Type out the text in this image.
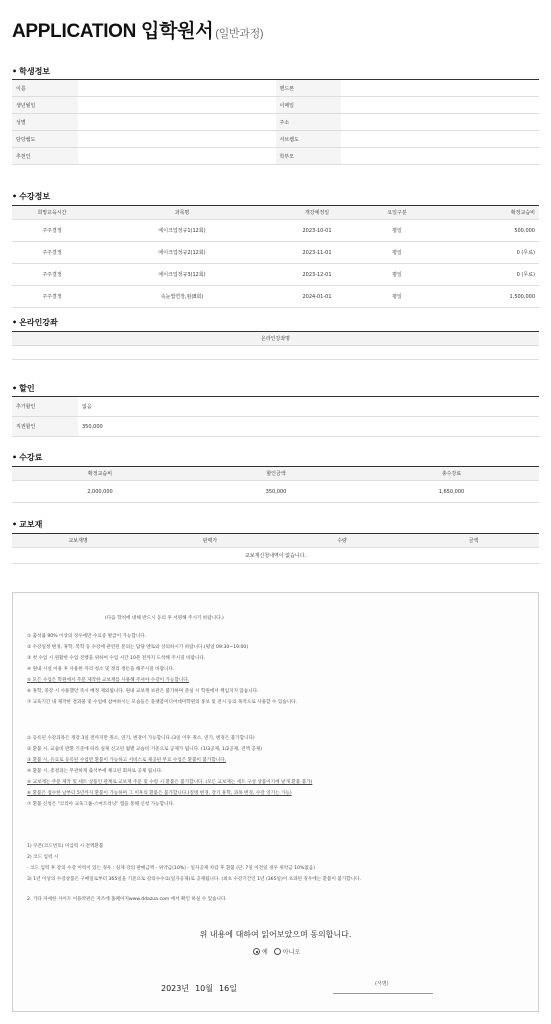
APPLICATION 입학원서 (일반과정)
• 학생정보
이름	핸드폰
생년월일	이메일
성별	주소
담당쌤도	서브쌤도
추천인	학부모
• 수강정보
희망교육시간	과목명	개강예정일	요일구분	확정교습비
주주결정	에이크업정규1(12회)	2023-10-01	평일	500,000
주주결정	에이크업정규2(12회)	2023-11-01	평일	0 (무료)
주주결정	에이크업정규3(12회)	2023-12-01	평일	0 (무료)
주주결정	속눈썹연장,펌(8회)	2024-01-01	평일	1,500,000
• 온라인강좌
온라인강좌명
• 할인
추가할인	없음
직권할인	350,000
• 수강료
확정교습비	할인금액	총수강료
2,000,000	350,000	1,650,000
• 교보재
교보재명	판매가	수량	금액
교보재신청내역이 없습니다.
(다음 학칙에 대해 반드시 동의 후 서명해 주시기 바랍니다.)
① 출석률 90% 이상의 경우에만 수료증 발급이 가능합니다.
② 수강일정 변경, 휴학, 복학 등 수강에 관련된 문의는 담당 멘토와 상의하시기 바랍니다.(평일 09:30~19:00)
③ 첫 수업 시 원활한 수업 진행을 위하여 수업 시간 10분 전까지 도착해 주시길 바랍니다.
④ 원내 시설 이용 후 사용한 자리 청소 및 정리 정돈을 해주시길 바랍니다.
⑤ 모든 수업은 학원에서 주문 제작한 교보재를 사용해 주셔야 수강이 가능합니다.
⑥ 휴학, 중강 시 사용했던 즉시 배정 제외됩니다. 원내 교보재 보관은 불가하며 분실 시 학원에서 책임지지 않습니다.
⑦ 교육기간 내 제작한 결과물 및 수업에 참여하시는 모습들은 플랫폼미디어데미학원의 홍보 및 전시 등의 목적으로 사용할 수 있습니다.
① 등록된 수강과목은 개강 3일 전까지만 취소, 연기, 변경이 가능합니다.(3일 이후 취소, 연기, 변경은 불가합니다)
② 환불 시, 교습비 반환 기준에 따라 실제 신고된 월별 교습비 기준으로 공제가 됩니다. (1/3공제, 1/2공제, 전액 공제)
③ 환불 시, 유료로 등록된 수업만 환불이 가능하고 서비스로 제공된 무료 수업은 환불이 불가합니다.
④ 환불 시, 총결과는 무관하게 출석부에 체크된 회차로 공제 됩니다.
⑤ 교보재는 주문 제작 및 세트 상품인 관계로 교보재 주문 및 수령 시 환불은 불가합니다. (모든 교보재는 세트 구성 상품이기에 낱개 환불 불가)
⑥ 환불은 접수한 날부터 5년까지 환불이 가능하며 그 이후의 환불은 불가합니다.(질병 변경, 장기 휴학, 과목 변경, 수강 연기는 가능)
⑦ 환불 신청은 "코리아 교육그룹-스마트러닝" 앱을 통해 신청 가능합니다.
1) 쿠폰(코드번호) 미입력 시 전액환불
2) 코드 입력 시
- 코드 입력 후 강의 수강 이력이 있는 경우 : 실제 강의 판매금액 - 위약금(10%) - 일자공제 차감 후 환불 (단, 7일 이전일 경우 위약금 10%없음)
3) 1년 이상의 수강상품은 구매일로부터 365일을 기준으로 강의수수료(일자공제)로 공제됩니다. (최초 수강기간인 1년 (365일)이 초과된 경우에는 환불이 불가합니다.
2. 기타 자세한 사이트 이용약관은 자즈에 홈페이지www.ddazua.com 에서 확인 하실 수 있습니다.
위 내용에 대하여 읽어보았으며 동의합니다.
예	아니오
2023년 10월 16일	(서명)
